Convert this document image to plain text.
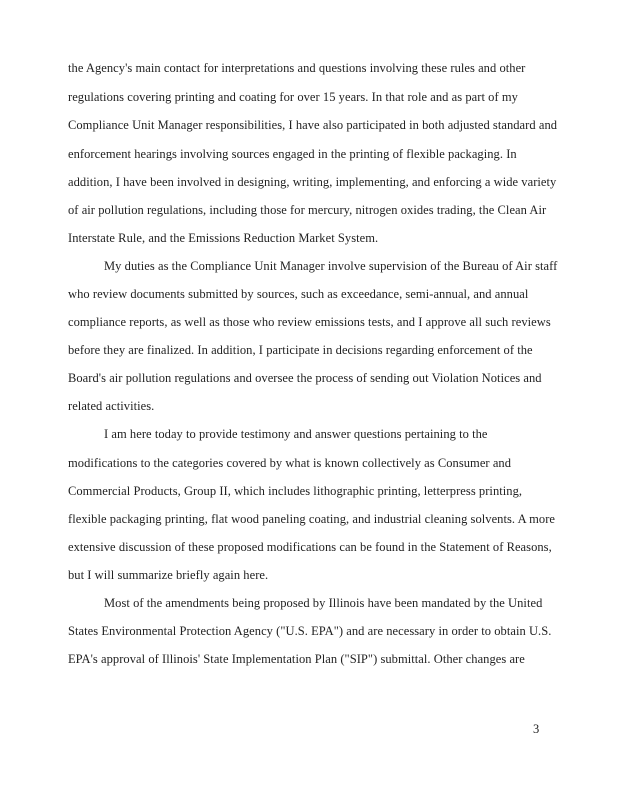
the Agency's main contact for interpretations and questions involving these rules and other
regulations covering printing and coating for over 15 years. In that role and as part of my
Compliance Unit Manager responsibilities, I have also participated in both adjusted standard and
enforcement hearings involving sources engaged in the printing of flexible packaging. In
addition, I have been involved in designing, writing, implementing, and enforcing a wide variety
of air pollution regulations, including those for mercury, nitrogen oxides trading, the Clean Air
Interstate Rule, and the Emissions Reduction Market System.
My duties as the Compliance Unit Manager involve supervision of the Bureau of Air staff
who review documents submitted by sources, such as exceedance, semi-annual, and annual
compliance reports, as well as those who review emissions tests, and I approve all such reviews
before they are finalized. In addition, I participate in decisions regarding enforcement of the
Board's air pollution regulations and oversee the process of sending out Violation Notices and
related activities.
I am here today to provide testimony and answer questions pertaining to the
modifications to the categories covered by what is known collectively as Consumer and
Commercial Products, Group II, which includes lithographic printing, letterpress printing,
flexible packaging printing, flat wood paneling coating, and industrial cleaning solvents. A more
extensive discussion of these proposed modifications can be found in the Statement of Reasons,
but I will summarize briefly again here.
Most of the amendments being proposed by Illinois have been mandated by the United
States Environmental Protection Agency ("U.S. EPA") and are necessary in order to obtain U.S.
EPA's approval of Illinois' State Implementation Plan ("SIP") submittal. Other changes are
3
